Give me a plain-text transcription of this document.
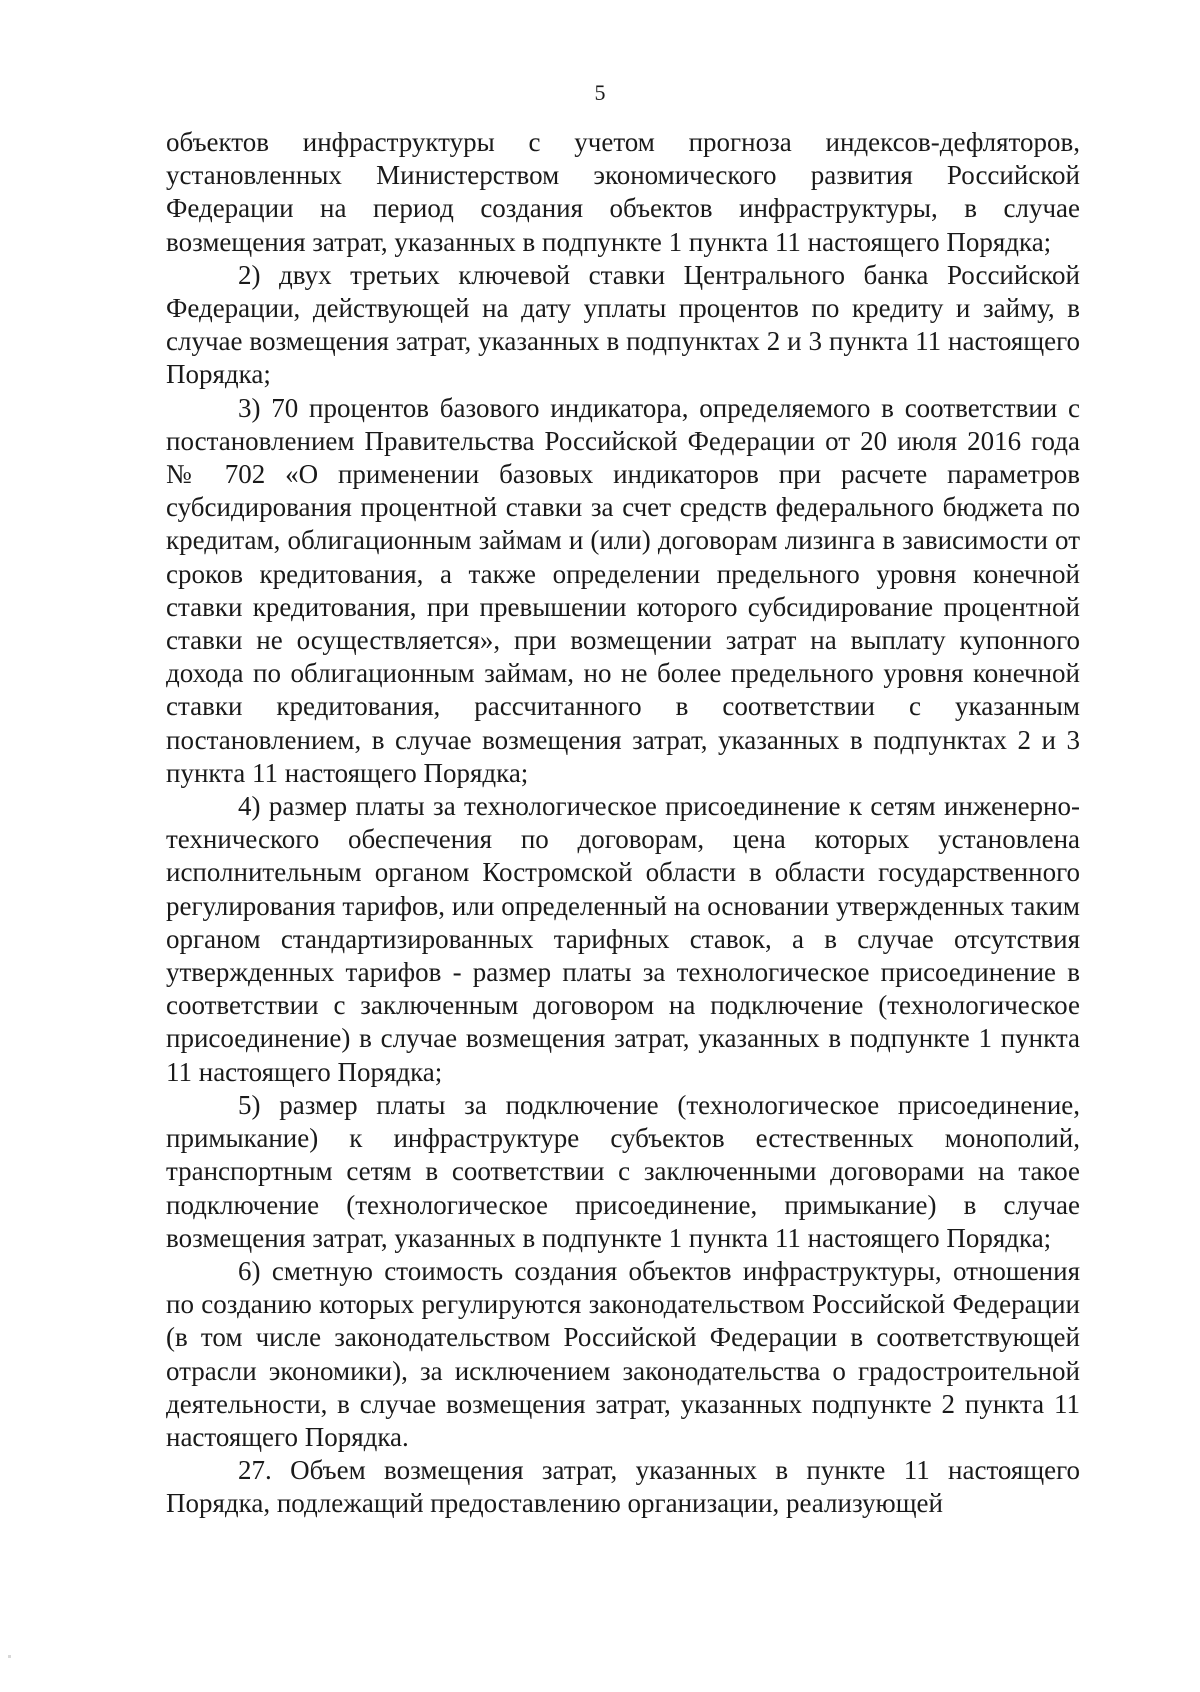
5

объектов инфраструктуры с учетом прогноза индексов-дефляторов, установленных Министерством экономического развития Российской Федерации на период создания объектов инфраструктуры, в случае возмещения затрат, указанных в подпункте 1 пункта 11 настоящего Порядка;

2) двух третьих ключевой ставки Центрального банка Российской Федерации, действующей на дату уплаты процентов по кредиту и займу, в случае возмещения затрат, указанных в подпунктах 2 и 3 пункта 11 настоящего Порядка;

3) 70 процентов базового индикатора, определяемого в соответствии с постановлением Правительства Российской Федерации от 20 июля 2016 года № 702 «О применении базовых индикаторов при расчете параметров субсидирования процентной ставки за счет средств федерального бюджета по кредитам, облигационным займам и (или) договорам лизинга в зависимости от сроков кредитования, а также определении предельного уровня конечной ставки кредитования, при превышении которого субсидирование процентной ставки не осуществляется», при возмещении затрат на выплату купонного дохода по облигационным займам, но не более предельного уровня конечной ставки кредитования, рассчитанного в соответствии с указанным постановлением, в случае возмещения затрат, указанных в подпунктах 2 и 3 пункта 11 настоящего Порядка;

4) размер платы за технологическое присоединение к сетям инженерно-технического обеспечения по договорам, цена которых установлена исполнительным органом Костромской области в области государственного регулирования тарифов, или определенный на основании утвержденных таким органом стандартизированных тарифных ставок, а в случае отсутствия утвержденных тарифов - размер платы за технологическое присоединение в соответствии с заключенным договором на подключение (технологическое присоединение) в случае возмещения затрат, указанных в подпункте 1 пункта 11 настоящего Порядка;

5) размер платы за подключение (технологическое присоединение, примыкание) к инфраструктуре субъектов естественных монополий, транспортным сетям в соответствии с заключенными договорами на такое подключение (технологическое присоединение, примыкание) в случае возмещения затрат, указанных в подпункте 1 пункта 11 настоящего Порядка;

6) сметную стоимость создания объектов инфраструктуры, отношения по созданию которых регулируются законодательством Российской Федерации (в том числе законодательством Российской Федерации в соответствующей отрасли экономики), за исключением законодательства о градостроительной деятельности, в случае возмещения затрат, указанных подпункте 2 пункта 11 настоящего Порядка.

27. Объем возмещения затрат, указанных в пункте 11 настоящего Порядка, подлежащий предоставлению организации, реализующей
